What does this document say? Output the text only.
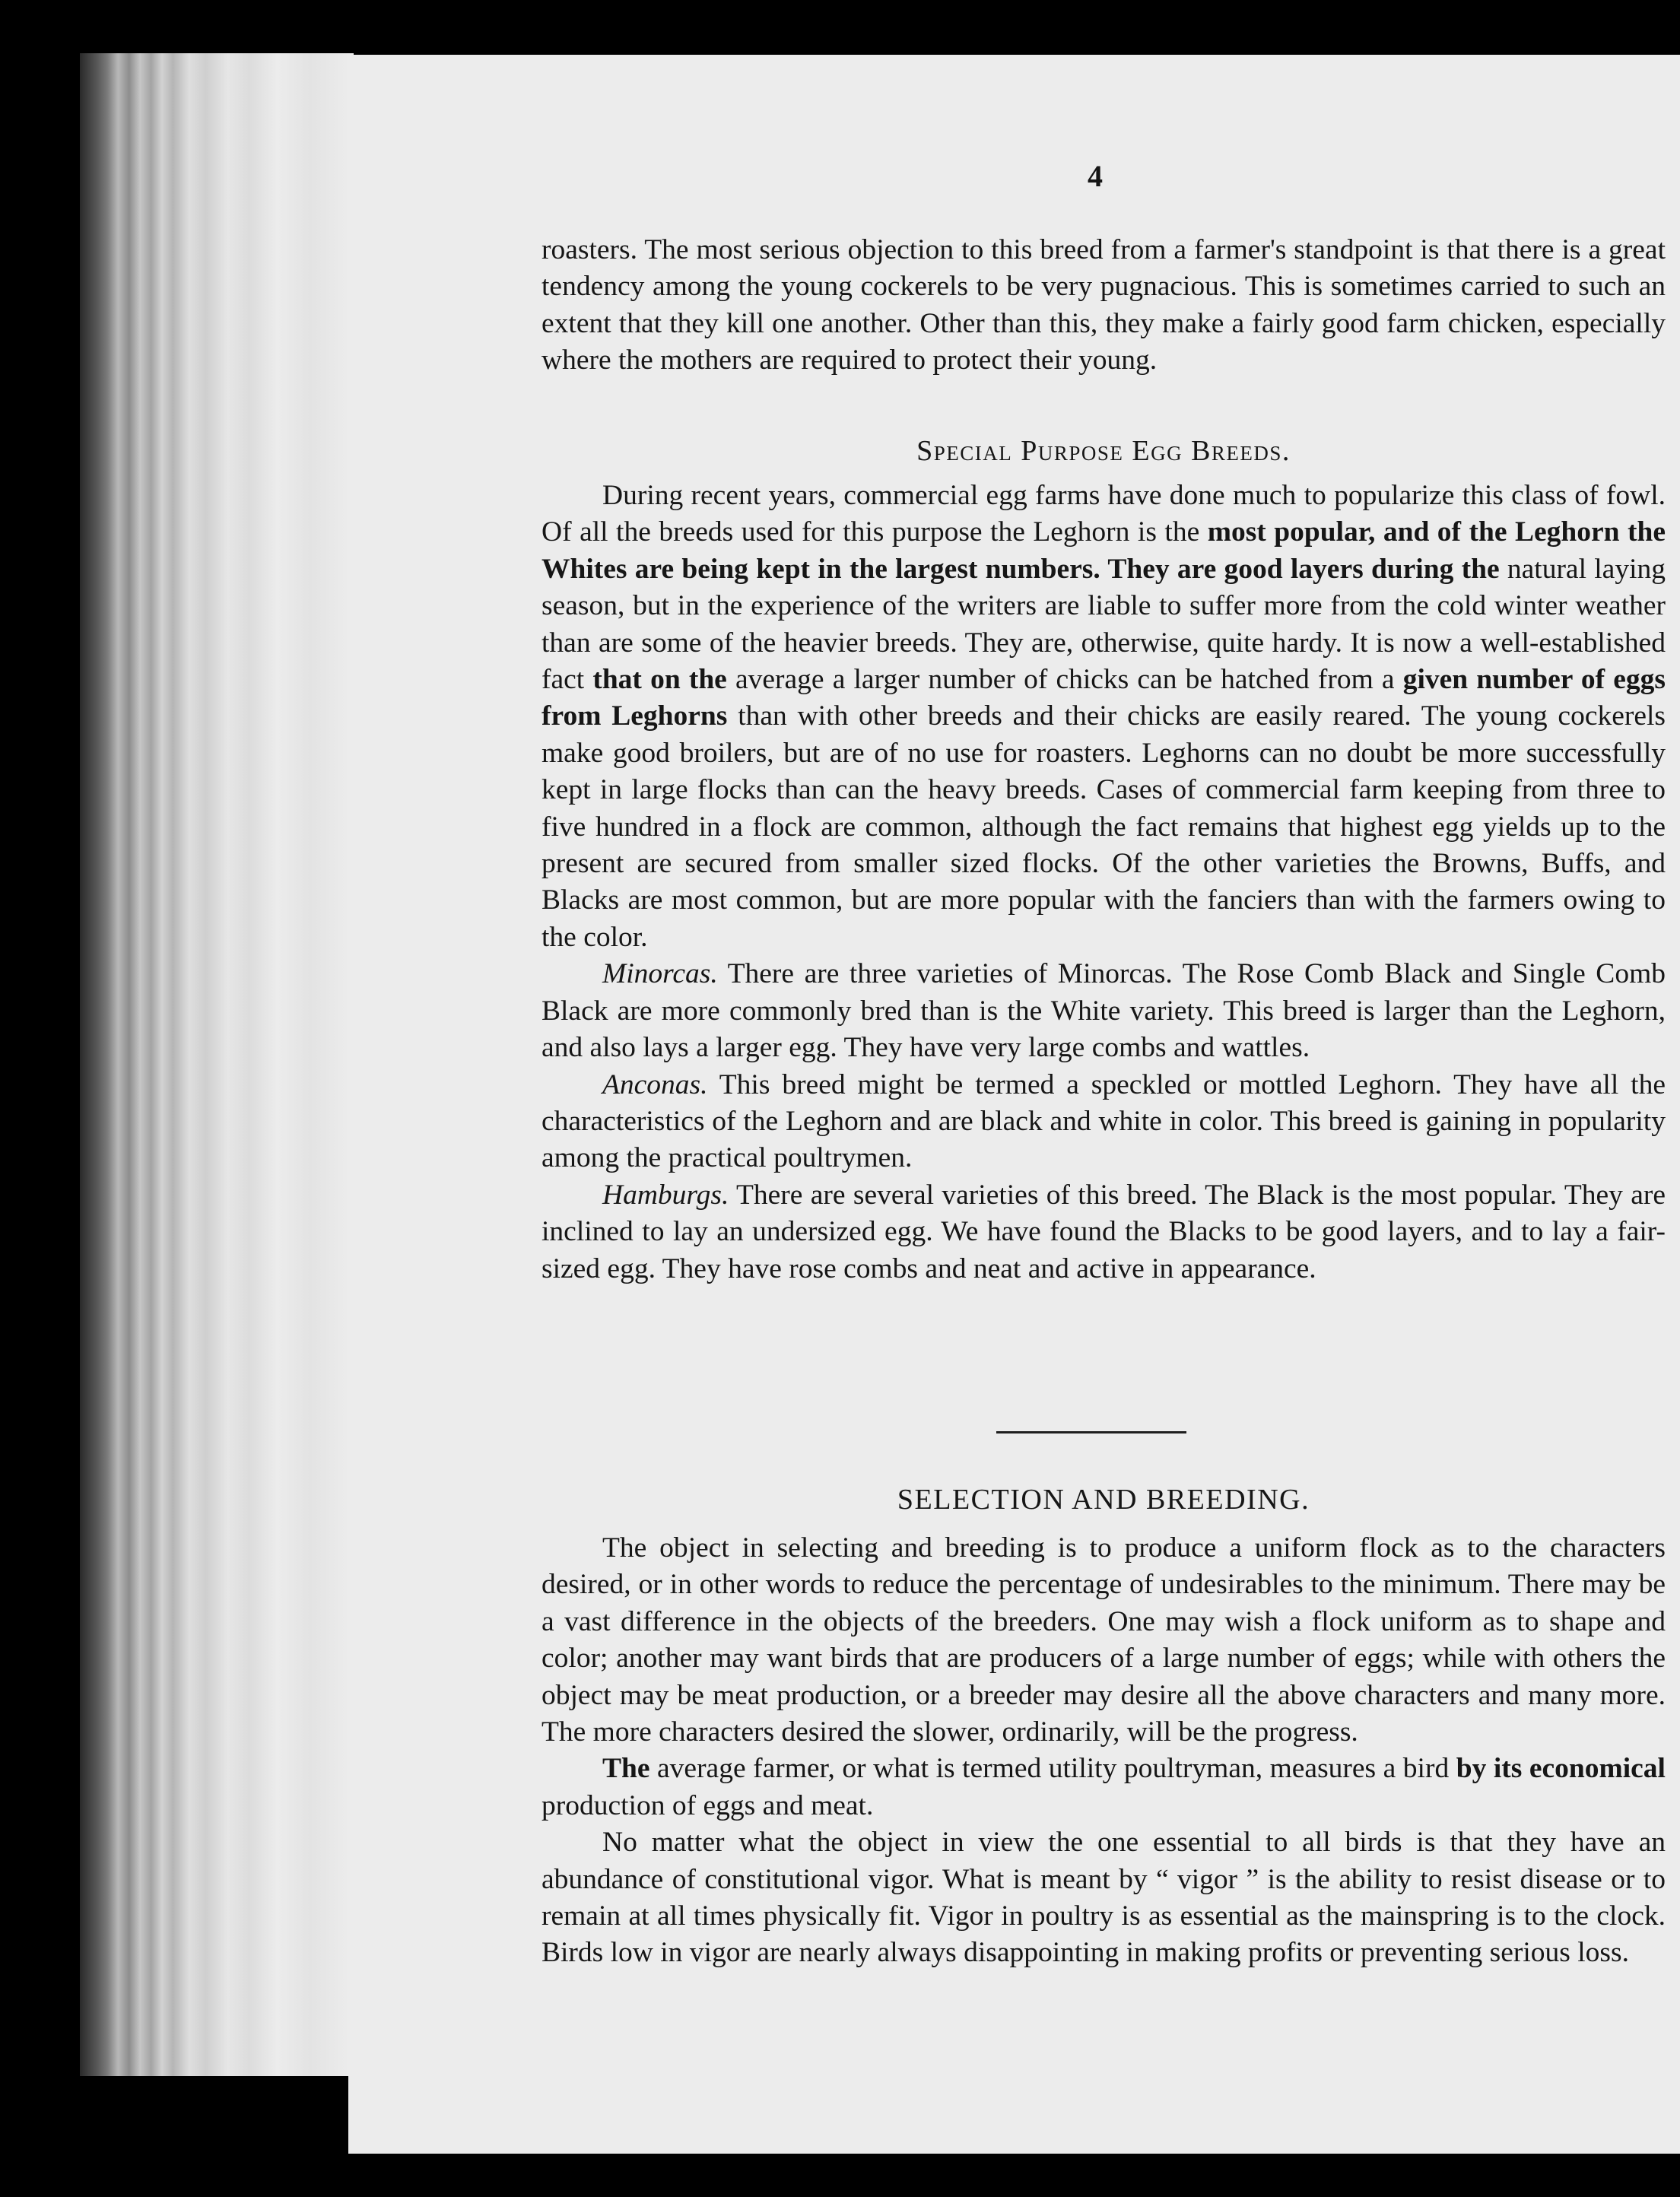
4

roasters. The most serious objection to this breed from a farmer's standpoint is that there is a great tendency among the young cockerels to be very pugnacious. This is sometimes carried to such an extent that they kill one another. Other than this, they make a fairly good farm chicken, especially where the mothers are required to protect their young.

Special Purpose Egg Breeds.

During recent years, commercial egg farms have done much to popularize this class of fowl. Of all the breeds used for this purpose the Leghorn is the most popular, and of the Leghorn the Whites are being kept in the largest numbers. They are good layers during the natural laying season, but in the experience of the writers are liable to suffer more from the cold winter weather than are some of the heavier breeds. They are, otherwise, quite hardy. It is now a well-established fact that on the average a larger number of chicks can be hatched from a given number of eggs from Leghorns than with other breeds and their chicks are easily reared. The young cockerels make good broilers, but are of no use for roasters. Leghorns can no doubt be more successfully kept in large flocks than can the heavy breeds. Cases of commercial farm keeping from three to five hundred in a flock are common, although the fact remains that highest egg yields up to the present are secured from smaller sized flocks. Of the other varieties the Browns, Buffs, and Blacks are most common, but are more popular with the fanciers than with the farmers owing to the color.

Minorcas. There are three varieties of Minorcas. The Rose Comb Black and Single Comb Black are more commonly bred than is the White variety. This breed is larger than the Leghorn, and also lays a larger egg. They have very large combs and wattles.

Anconas. This breed might be termed a speckled or mottled Leghorn. They have all the characteristics of the Leghorn and are black and white in color. This breed is gaining in popularity among the practical poultrymen.

Hamburgs. There are several varieties of this breed. The Black is the most popular. They are inclined to lay an undersized egg. We have found the Blacks to be good layers, and to lay a fair-sized egg. They have rose combs and neat and active in appearance.

SELECTION AND BREEDING.

The object in selecting and breeding is to produce a uniform flock as to the characters desired, or in other words to reduce the percentage of undesirables to the minimum. There may be a vast difference in the objects of the breeders. One may wish a flock uniform as to shape and color; another may want birds that are producers of a large number of eggs; while with others the object may be meat production, or a breeder may desire all the above characters and many more. The more characters desired the slower, ordinarily, will be the progress.

The average farmer, or what is termed utility poultryman, measures a bird by its economical production of eggs and meat.

No matter what the object in view the one essential to all birds is that they have an abundance of constitutional vigor. What is meant by “ vigor ” is the ability to resist disease or to remain at all times physically fit. Vigor in poultry is as essential as the mainspring is to the clock. Birds low in vigor are nearly always disappointing in making profits or preventing serious loss.
